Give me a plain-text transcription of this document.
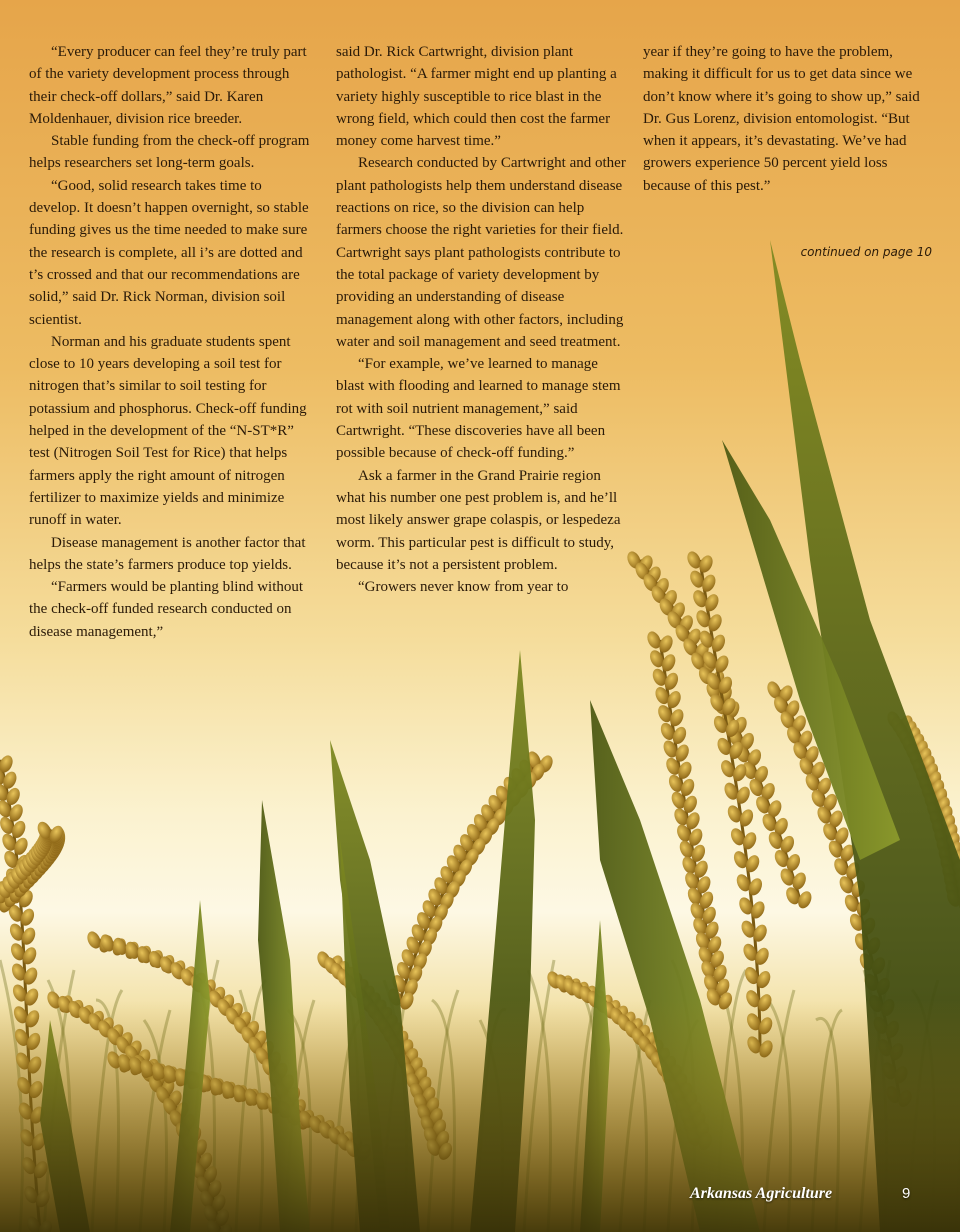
“Every producer can feel they’re truly part of the variety development process through their check-off dollars,” said Dr. Karen Moldenhauer, division rice breeder.

Stable funding from the check-off program helps researchers set long-term goals.

“Good, solid research takes time to develop. It doesn’t happen overnight, so stable funding gives us the time needed to make sure the research is complete, all i’s are dotted and t’s crossed and that our recommendations are solid,” said Dr. Rick Norman, division soil scientist.

Norman and his graduate students spent close to 10 years developing a soil test for nitrogen that’s similar to soil testing for potassium and phosphorus. Check-off funding helped in the development of the “N-ST*R” test (Nitrogen Soil Test for Rice) that helps farmers apply the right amount of nitrogen fertilizer to maximize yields and minimize runoff in water.

Disease management is another factor that helps the state’s farmers produce top yields.

“Farmers would be planting blind without the check-off funded research conducted on disease management,”

said Dr. Rick Cartwright, division plant pathologist. “A farmer might end up planting a variety highly susceptible to rice blast in the wrong field, which could then cost the farmer money come harvest time.”

Research conducted by Cartwright and other plant pathologists help them understand disease reactions on rice, so the division can help farmers choose the right varieties for their field. Cartwright says plant pathologists contribute to the total package of variety development by providing an understanding of disease management along with other factors, including water and soil management and seed treatment.

“For example, we’ve learned to manage blast with flooding and learned to manage stem rot with soil nutrient management,” said Cartwright. “These discoveries have all been possible because of check-off funding.”

Ask a farmer in the Grand Prairie region what his number one pest problem is, and he’ll most likely answer grape colaspis, or lespedeza worm. This particular pest is difficult to study, because it’s not a persistent problem.

“Growers never know from year to

year if they’re going to have the problem, making it difficult for us to get data since we don’t know where it’s going to show up,” said Dr. Gus Lorenz, division entomologist. “But when it appears, it’s devastating. We’ve had growers experience 50 percent yield loss because of this pest.”

continued on page 10
Arkansas Agriculture	9
